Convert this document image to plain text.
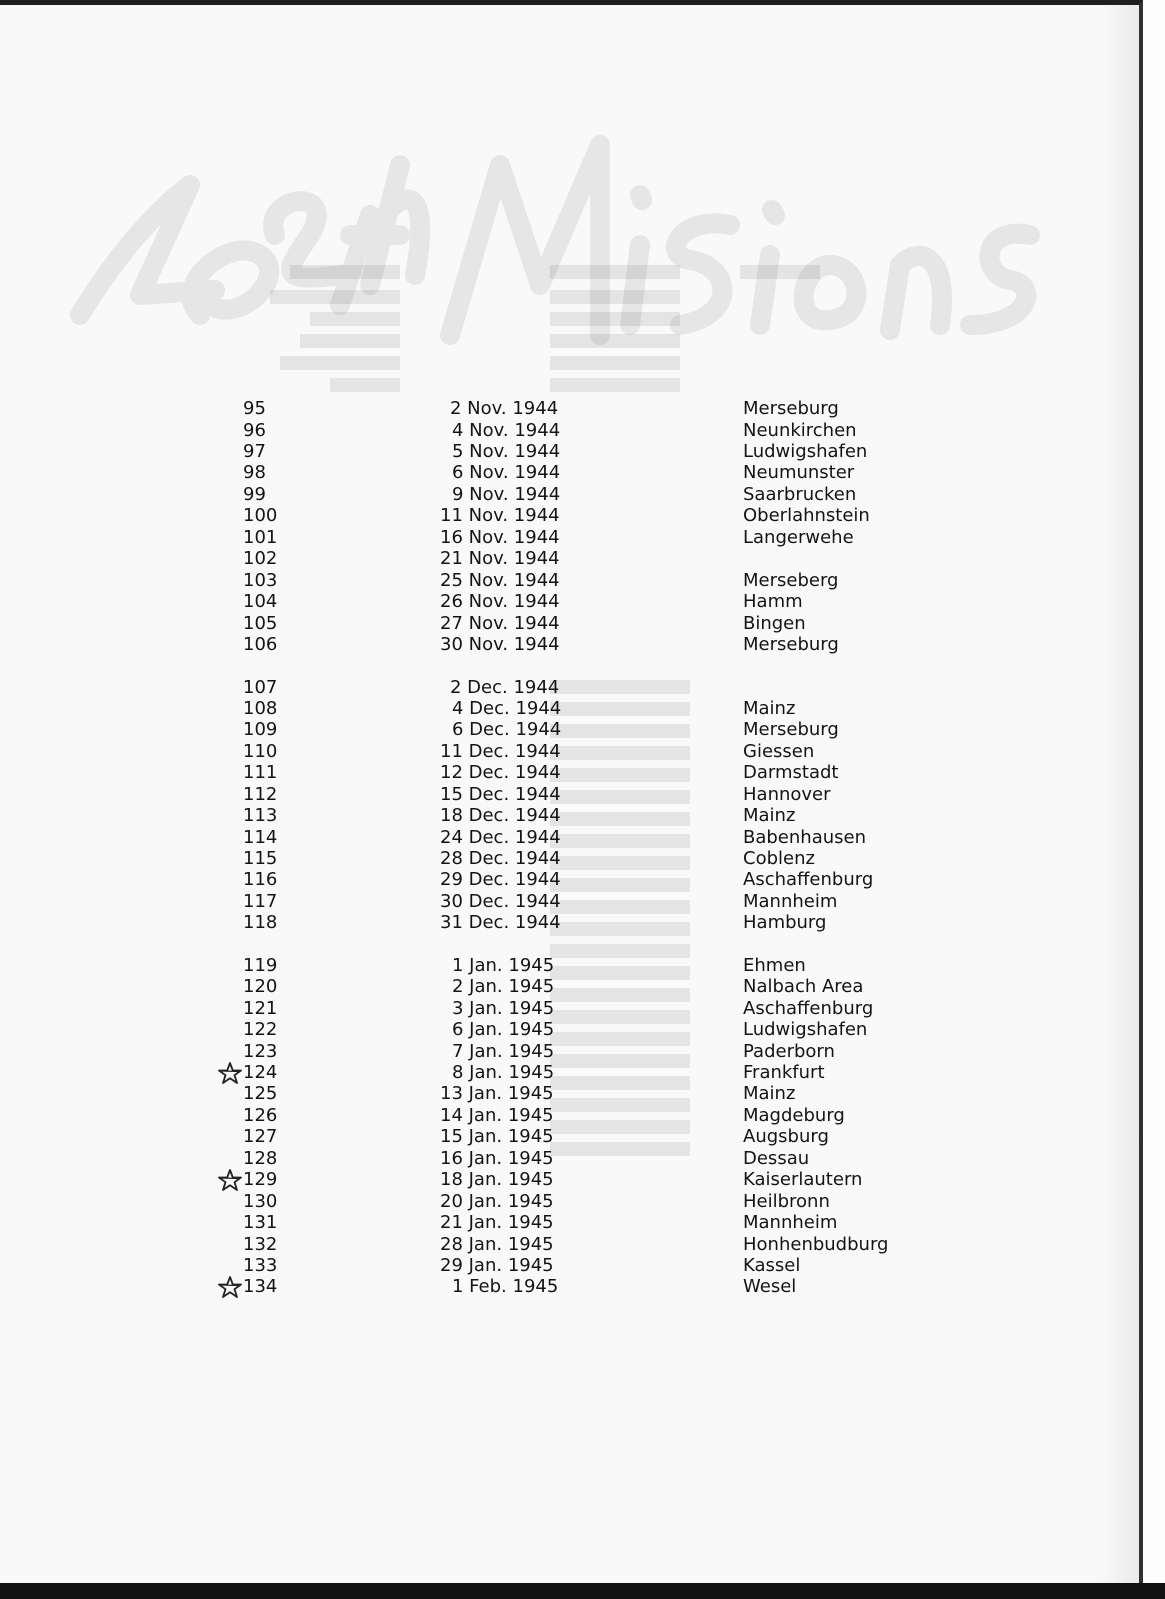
95	2 Nov. 1944	Merseburg
96	4 Nov. 1944	Neunkirchen
97	5 Nov. 1944	Ludwigshafen
98	6 Nov. 1944	Neumunster
99	9 Nov. 1944	Saarbrucken
100	11 Nov. 1944	Oberlahnstein
101	16 Nov. 1944	Langerwehe
102	21 Nov. 1944
103	25 Nov. 1944	Merseberg
104	26 Nov. 1944	Hamm
105	27 Nov. 1944	Bingen
106	30 Nov. 1944	Merseburg
107	2 Dec. 1944
108	4 Dec. 1944	Mainz
109	6 Dec. 1944	Merseburg
110	11 Dec. 1944	Giessen
111	12 Dec. 1944	Darmstadt
112	15 Dec. 1944	Hannover
113	18 Dec. 1944	Mainz
114	24 Dec. 1944	Babenhausen
115	28 Dec. 1944	Coblenz
116	29 Dec. 1944	Aschaffenburg
117	30 Dec. 1944	Mannheim
118	31 Dec. 1944	Hamburg
119	1 Jan. 1945	Ehmen
120	2 Jan. 1945	Nalbach Area
121	3 Jan. 1945	Aschaffenburg
122	6 Jan. 1945	Ludwigshafen
123	7 Jan. 1945	Paderborn
124	8 Jan. 1945	Frankfurt
125	13 Jan. 1945	Mainz
126	14 Jan. 1945	Magdeburg
127	15 Jan. 1945	Augsburg
128	16 Jan. 1945	Dessau
129	18 Jan. 1945	Kaiserlautern
130	20 Jan. 1945	Heilbronn
131	21 Jan. 1945	Mannheim
132	28 Jan. 1945	Honhenbudburg
133	29 Jan. 1945	Kassel
134	1 Feb. 1945	Wesel
